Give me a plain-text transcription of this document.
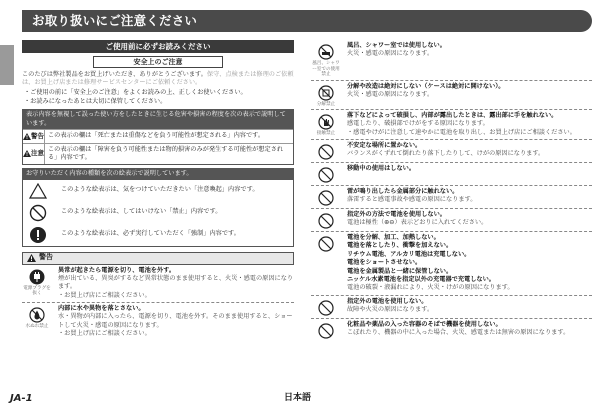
お取り扱いにご注意ください
ご使用前に必ずお読みください
安全上のご注意
このたびは弊社製品をお買上げいただき、ありがとうございます。保守、点検または修理のご依頼は、お買上げ店または修理サービスセンターにご依頼ください。
・ご使用の前に「安全上のご注意」をよくお読みの上、正しくお使いください。
・お読みになったあとは大切に保管してください。
表示内容を無視して誤った使い方をしたときに生じる危害や損害の程度を次の表示で説明しています。
警告 この表示の欄は「死亡または重傷などを負う可能性が想定される」内容です。
注意
この表示の欄は「障害を負う可能性または物的損害のみが発生する可能性が想定される」内容です。
お守りいただく内容の種類を次の絵表示で説明しています。
このような絵表示は、気をつけていただきたい「注意喚起」内容です。
このような絵表示は、してはいけない「禁止」内容です。
このような絵表示は、必ず実行していただく「強制」内容です。
警告
電源プラグを抜く
異常が起きたら電源を切り、電池を外す。
煙が出ている、異臭がするなど異常状態のまま使用すると、火災・感電の原因になります。
・お買上げ店にご相談ください。
水ぬれ禁止
内部に水や異物を落とさない。
水・異物が内部に入ったら、電源を切り、電池を外す。そのまま使用すると、ショートして火災・感電の原因になります。
・お買上げ店にご相談ください。
風呂、シャワー室での使用禁止
風呂、シャワー室では使用しない。
火災・感電の原因になります。
分解禁止
分解や改造は絶対にしない（ケースは絶対に開けない）。
火災・感電の原因になります。
接触禁止
落下などによって破損し、内部が露出したときは、露出部に手を触れない。
感電したり、破損部でけがをする原因になります。
・感電やけがに注意して速やかに電池を取り出し、お買上げ店にご相談ください。
不安定な場所に置かない。
バランスがくずれて倒れたり落下したりして、けがの原因になります。
移動中の使用はしない。
雷が鳴り出したら金属部分に触れない。
落雷すると感電事故や感電の原因になります。
指定外の方法で電池を使用しない。
電池は極性（⊕⊖）表示どおりに入れてください。
電池を分解、加工、加熱しない。
電池を落としたり、衝撃を加えない。
リチウム電池、アルカリ電池は充電しない。
電池をショートさせない。
電池を金属製品と一緒に保管しない。
ニッケル水素電池を指定以外の充電器で充電しない。
電池の破裂・液漏れにより、火災・けがの原因になります。
指定外の電池を使用しない。
故障や火災の原因になります。
化粧品や薬品の入った容器のそばで機器を使用しない。
こぼれたり、機器の中に入った場合、火災、感電または無害の原因になります。
JA-1	日本語
